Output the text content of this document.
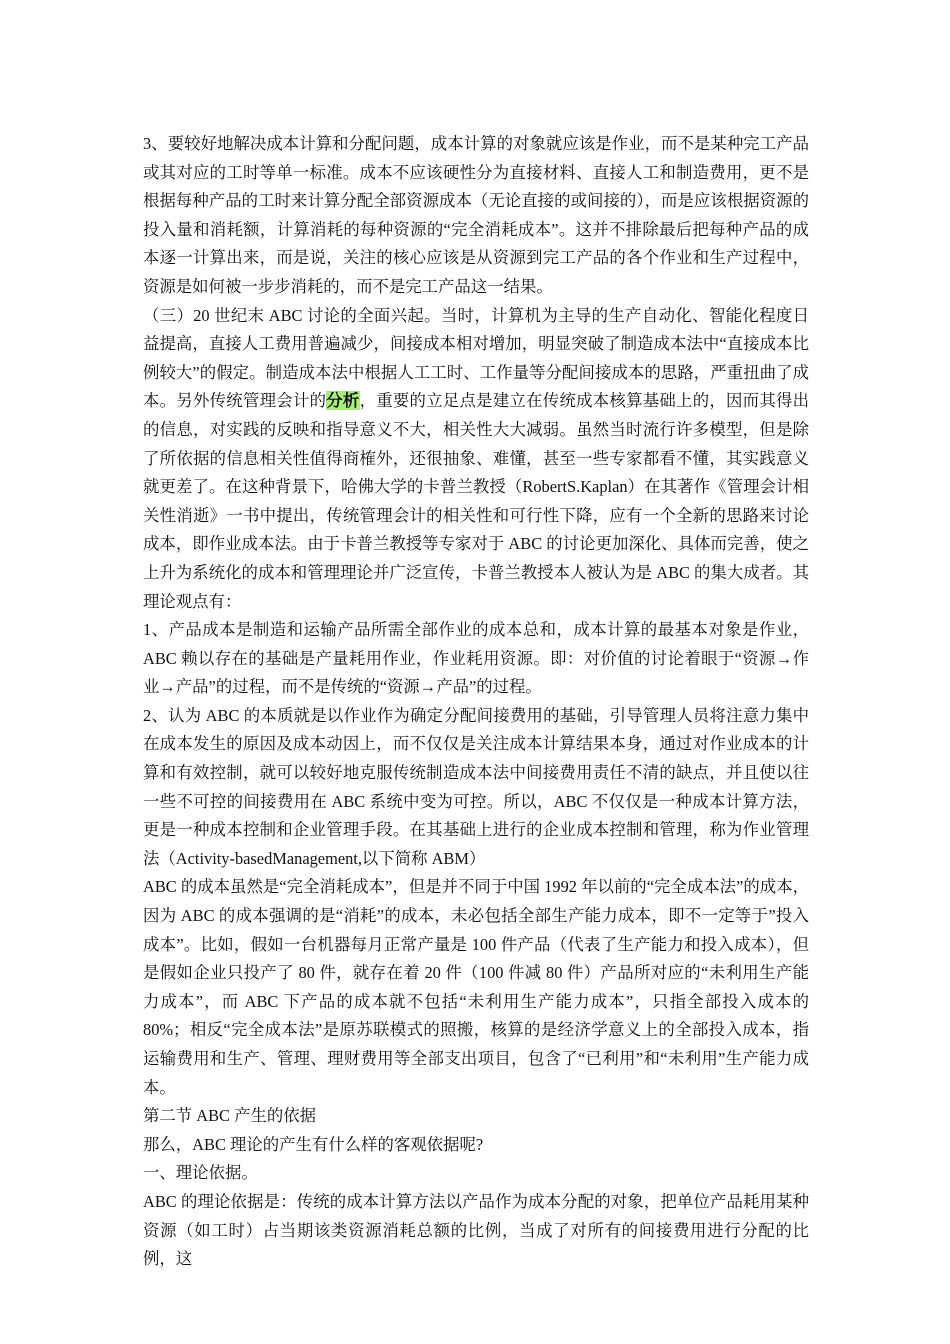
3、要较好地解决成本计算和分配问题，成本计算的对象就应该是作业，而不是某种完工产品或其对应的工时等单一标准。成本不应该硬性分为直接材料、直接人工和制造费用，更不是根据每种产品的工时来计算分配全部资源成本（无论直接的或间接的），而是应该根据资源的投入量和消耗额，计算消耗的每种资源的“完全消耗成本”。这并不排除最后把每种产品的成本逐一计算出来，而是说，关注的核心应该是从资源到完工产品的各个作业和生产过程中，资源是如何被一步步消耗的，而不是完工产品这一结果。

（三）20 世纪末 ABC 讨论的全面兴起。当时，计算机为主导的生产自动化、智能化程度日益提高，直接人工费用普遍减少，间接成本相对增加，明显突破了制造成本法中“直接成本比例较大”的假定。制造成本法中根据人工工时、工作量等分配间接成本的思路，严重扭曲了成本。另外传统管理会计的分析，重要的立足点是建立在传统成本核算基础上的，因而其得出的信息，对实践的反映和指导意义不大，相关性大大减弱。虽然当时流行许多模型，但是除了所依据的信息相关性值得商榷外，还很抽象、难懂，甚至一些专家都看不懂，其实践意义就更差了。在这种背景下，哈佛大学的卡普兰教授（RobertS.Kaplan）在其著作《管理会计相关性消逝》一书中提出，传统管理会计的相关性和可行性下降，应有一个全新的思路来讨论成本，即作业成本法。由于卡普兰教授等专家对于 ABC 的讨论更加深化、具体而完善，使之上升为系统化的成本和管理理论并广泛宣传，卡普兰教授本人被认为是 ABC 的集大成者。其理论观点有：

1、产品成本是制造和运输产品所需全部作业的成本总和，成本计算的最基本对象是作业，ABC 赖以存在的基础是产量耗用作业，作业耗用资源。即：对价值的讨论着眼于“资源→作业→产品”的过程，而不是传统的“资源→产品”的过程。

2、认为 ABC 的本质就是以作业作为确定分配间接费用的基础，引导管理人员将注意力集中在成本发生的原因及成本动因上，而不仅仅是关注成本计算结果本身，通过对作业成本的计算和有效控制，就可以较好地克服传统制造成本法中间接费用责任不清的缺点，并且使以往一些不可控的间接费用在 ABC 系统中变为可控。所以，ABC 不仅仅是一种成本计算方法，更是一种成本控制和企业管理手段。在其基础上进行的企业成本控制和管理，称为作业管理法（Activity-basedManagement,以下简称 ABM）

ABC 的成本虽然是“完全消耗成本”，但是并不同于中国 1992 年以前的“完全成本法”的成本，因为 ABC 的成本强调的是“消耗”的成本，未必包括全部生产能力成本，即不一定等于”投入成本”。比如，假如一台机器每月正常产量是 100 件产品（代表了生产能力和投入成本），但是假如企业只投产了 80 件，就存在着 20 件（100 件减 80 件）产品所对应的“未利用生产能力成本”，而 ABC 下产品的成本就不包括“未利用生产能力成本”，只指全部投入成本的 80%；相反“完全成本法”是原苏联模式的照搬，核算的是经济学意义上的全部投入成本，指运输费用和生产、管理、理财费用等全部支出项目，包含了“已利用”和“未利用”生产能力成本。

第二节 ABC 产生的依据

那么，ABC 理论的产生有什么样的客观依据呢?

一、理论依据。

ABC 的理论依据是：传统的成本计算方法以产品作为成本分配的对象，把单位产品耗用某种资源（如工时）占当期该类资源消耗总额的比例，当成了对所有的间接费用进行分配的比例，这
